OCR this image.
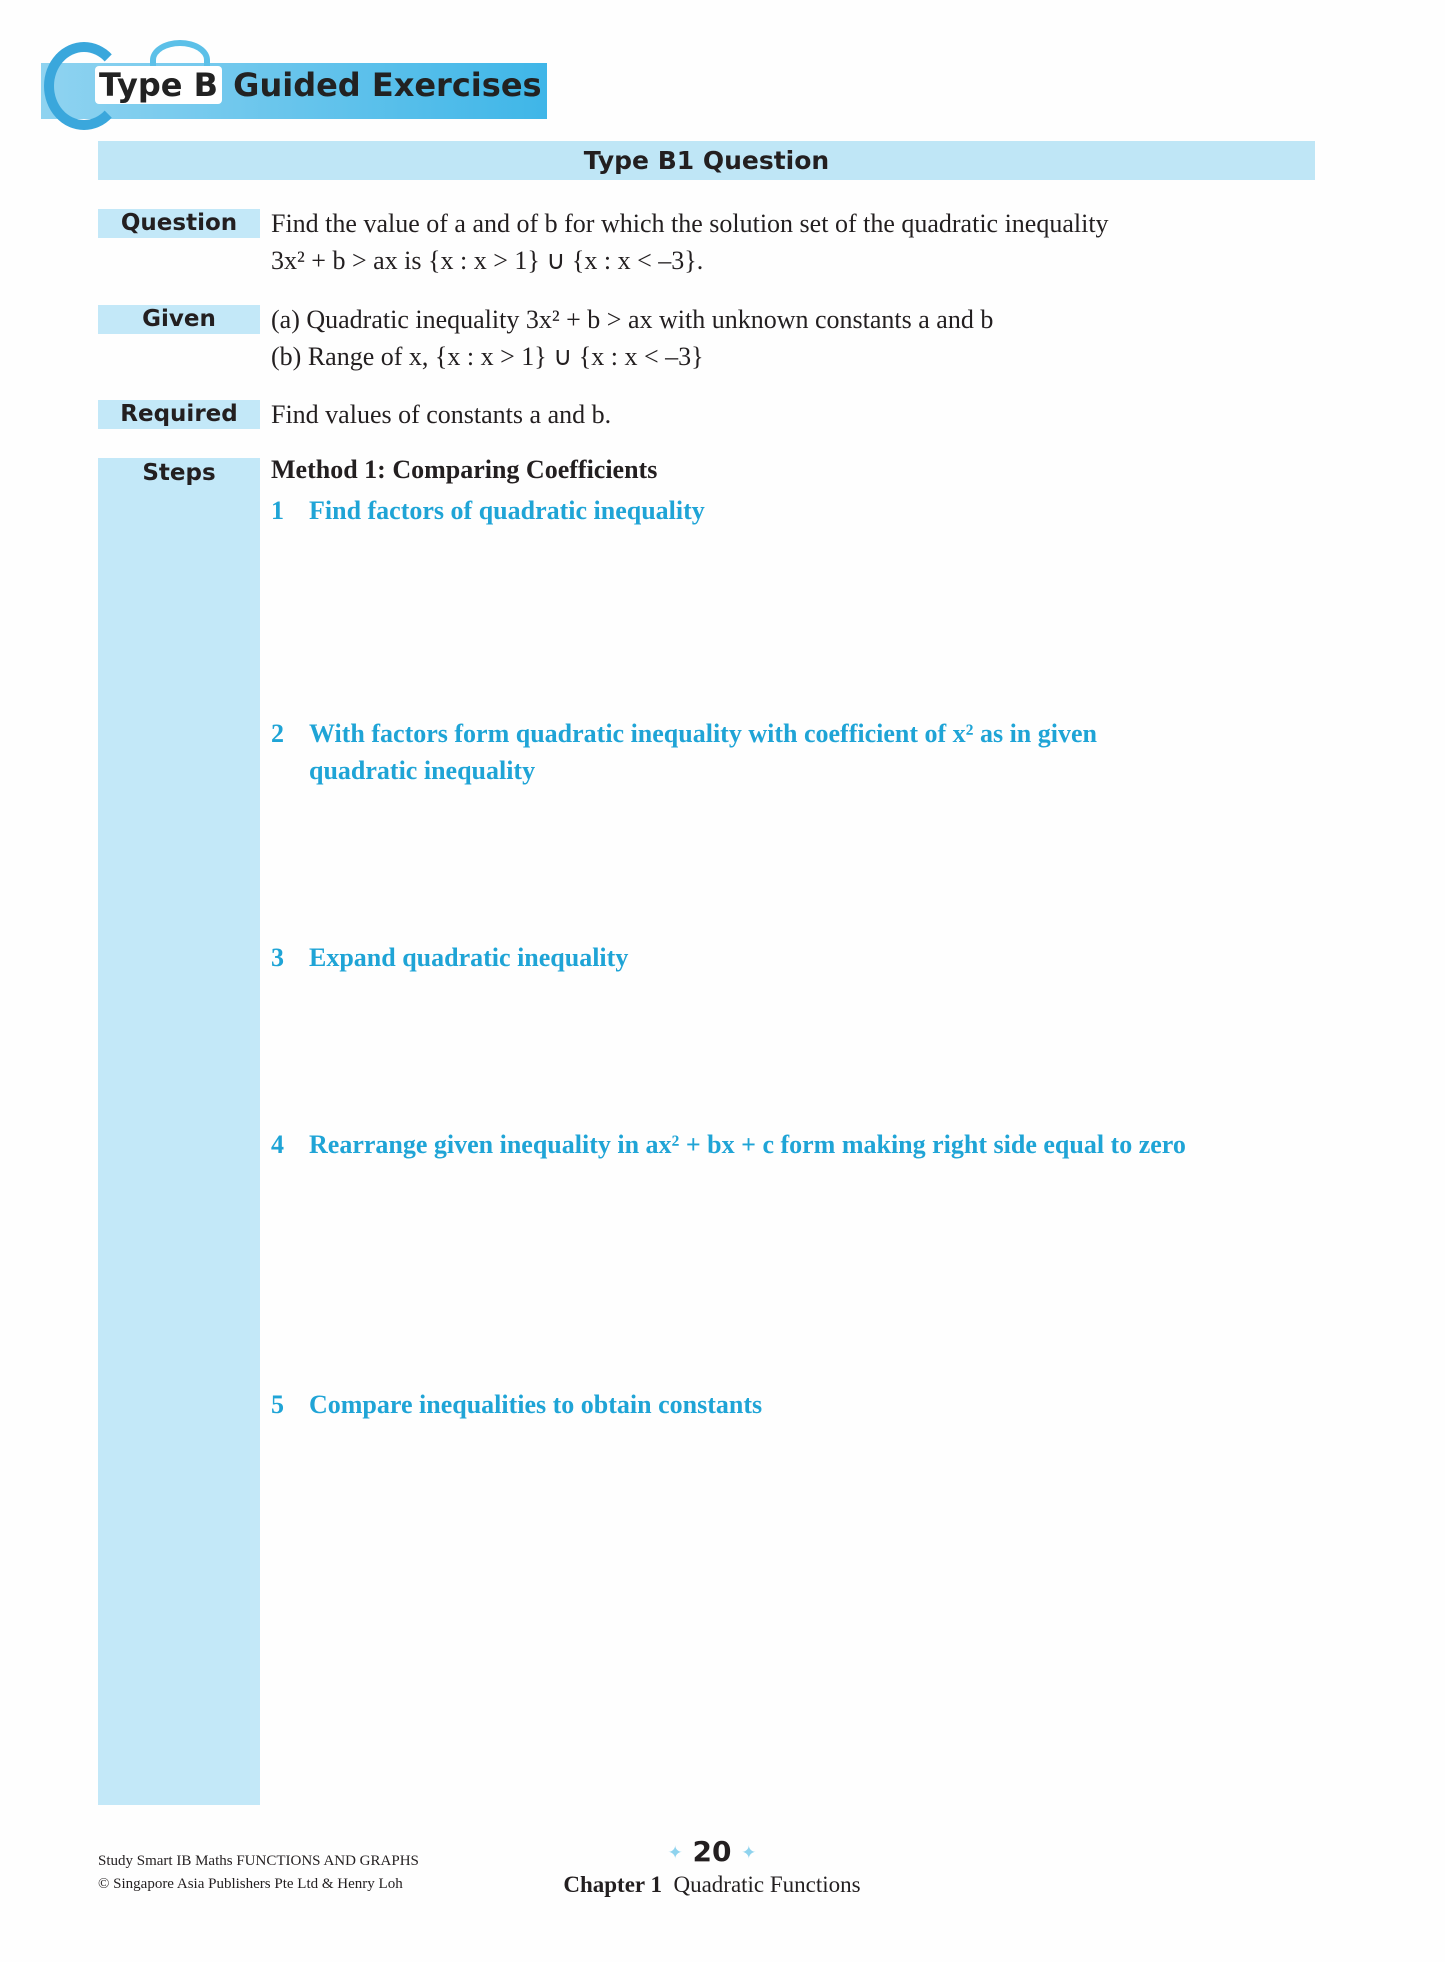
Type B Guided Exercises
Type B1 Question
Question	Find the value of a and of b for which the solution set of the quadratic inequality
3x² + b > ax is {x : x > 1} ∪ {x : x < –3}.
Given	(a) Quadratic inequality 3x² + b > ax with unknown constants a and b
(b) Range of x, {x : x > 1} ∪ {x : x < –3}
Required	Find values of constants a and b.
Steps	Method 1: Comparing Coefficients
1 Find factors of quadratic inequality
2 With factors form quadratic inequality with coefficient of x² as in given
quadratic inequality
3 Expand quadratic inequality
4 Rearrange given inequality in ax² + bx + c form making right side equal to zero
5 Compare inequalities to obtain constants
Study Smart IB Maths FUNCTIONS AND GRAPHS
© Singapore Asia Publishers Pte Ltd & Henry Loh
✦ 20 ✦
Chapter 1 Quadratic Functions
